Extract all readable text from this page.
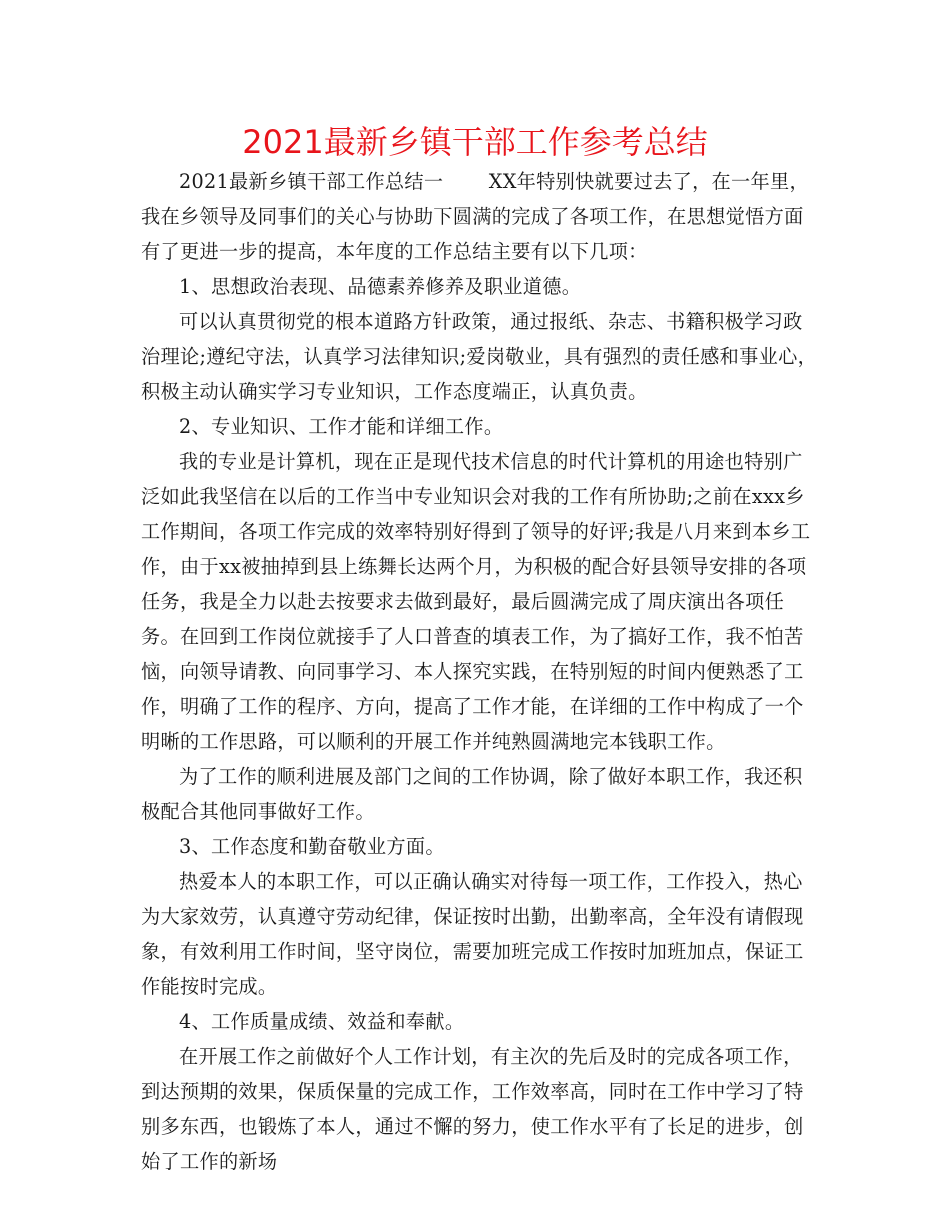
2021最新乡镇干部工作参考总结

2021最新乡镇干部工作总结一 　　XX年特别快就要过去了，在一年里，我在乡领导及同事们的关心与协助下圆满的完成了各项工作，在思想觉悟方面有了更进一步的提高，本年度的工作总结主要有以下几项：

1、思想政治表现、品德素养修养及职业道德。

可以认真贯彻党的根本道路方针政策，通过报纸、杂志、书籍积极学习政治理论;遵纪守法，认真学习法律知识;爱岗敬业，具有强烈的责任感和事业心，积极主动认确实学习专业知识，工作态度端正，认真负责。

2、专业知识、工作才能和详细工作。

我的专业是计算机，现在正是现代技术信息的时代计算机的用途也特别广泛如此我坚信在以后的工作当中专业知识会对我的工作有所协助;之前在xxx乡工作期间，各项工作完成的效率特别好得到了领导的好评;我是八月来到本乡工作，由于xx被抽掉到县上练舞长达两个月，为积极的配合好县领导安排的各项任务，我是全力以赴去按要求去做到最好，最后圆满完成了周庆演出各项任务。在回到工作岗位就接手了人口普查的填表工作，为了搞好工作，我不怕苦恼，向领导请教、向同事学习、本人探究实践，在特别短的时间内便熟悉了工作，明确了工作的程序、方向，提高了工作才能，在详细的工作中构成了一个明晰的工作思路，可以顺利的开展工作并纯熟圆满地完本钱职工作。

为了工作的顺利进展及部门之间的工作协调，除了做好本职工作，我还积极配合其他同事做好工作。

3、工作态度和勤奋敬业方面。

热爱本人的本职工作，可以正确认确实对待每一项工作，工作投入，热心为大家效劳，认真遵守劳动纪律，保证按时出勤，出勤率高，全年没有请假现象，有效利用工作时间，坚守岗位，需要加班完成工作按时加班加点，保证工作能按时完成。

4、工作质量成绩、效益和奉献。

在开展工作之前做好个人工作计划，有主次的先后及时的完成各项工作，到达预期的效果，保质保量的完成工作，工作效率高，同时在工作中学习了特别多东西，也锻炼了本人，通过不懈的努力，使工作水平有了长足的进步，创始了工作的新场
